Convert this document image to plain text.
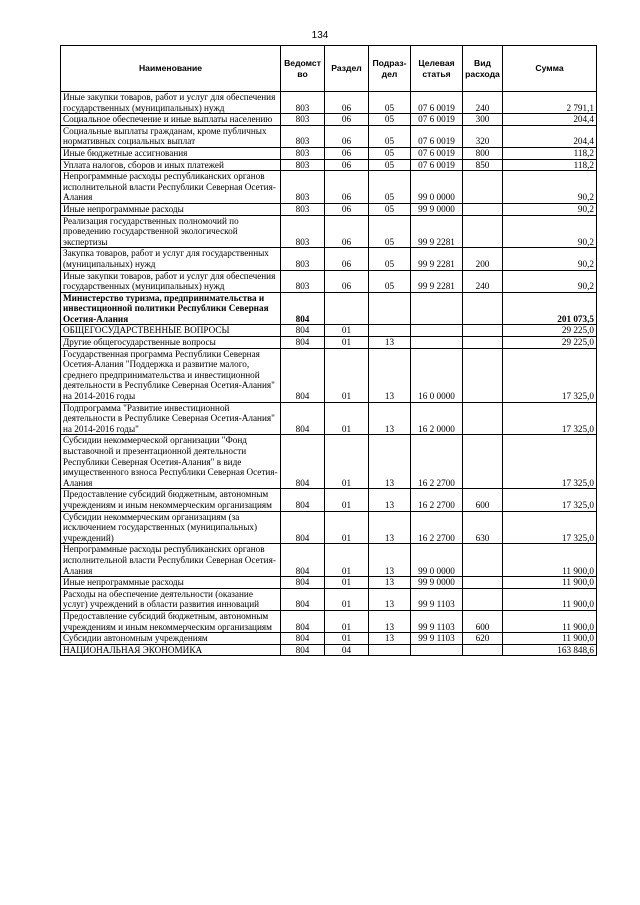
134
Наименование	Ведомст во	Раздел	Подраз- дел	Целевая статья	Вид расхода	Сумма
Иные закупки товаров, работ и услуг для обеспечения государственных (муниципальных) нужд	803	06	05	07 6 0019	240	2 791,1
Социальное обеспечение и иные выплаты населению	803	06	05	07 6 0019	300	204,4
Социальные выплаты гражданам, кроме публичных нормативных социальных выплат	803	06	05	07 6 0019	320	204,4
Иные бюджетные ассигнования	803	06	05	07 6 0019	800	118,2
Уплата налогов, сборов и иных платежей	803	06	05	07 6 0019	850	118,2
Непрограммные расходы республиканских органов исполнительной власти Республики Северная Осетия-Алания	803	06	05	99 0 0000		90,2
Иные непрограммные расходы	803	06	05	99 9 0000		90,2
Реализация государственных полномочий по проведению государственной экологической экспертизы	803	06	05	99 9 2281		90,2
Закупка товаров, работ и услуг для государственных (муниципальных) нужд	803	06	05	99 9 2281	200	90,2
Иные закупки товаров, работ и услуг для обеспечения государственных (муниципальных) нужд	803	06	05	99 9 2281	240	90,2
Министерство туризма, предпринимательства и инвестиционной политики Республики Северная Осетия-Алания	804					201 073,5
ОБЩЕГОСУДАРСТВЕННЫЕ ВОПРОСЫ	804	01				29 225,0
Другие общегосударственные вопросы	804	01	13			29 225,0
Государственная программа Республики Северная Осетия-Алания "Поддержка и развитие малого, среднего предпринимательства и инвестиционной деятельности в Республике Северная Осетия-Алания" на 2014-2016 годы	804	01	13	16 0 0000		17 325,0
Подпрограмма "Развитие инвестиционной деятельности в Республике Северная Осетия-Алания" на 2014-2016 годы"	804	01	13	16 2 0000		17 325,0
Субсидии некоммерческой организации "Фонд выставочной и презентационной деятельности Республики Северная Осетия-Алания" в виде имущественного взноса Республики Северная Осетия-Алания	804	01	13	16 2 2700		17 325,0
Предоставление субсидий бюджетным, автономным учреждениям и иным некоммерческим организациям	804	01	13	16 2 2700	600	17 325,0
Субсидии некоммерческим организациям (за исключением государственных (муниципальных) учреждений)	804	01	13	16 2 2700	630	17 325,0
Непрограммные расходы республиканских органов исполнительной власти Республики Северная Осетия-Алания	804	01	13	99 0 0000		11 900,0
Иные непрограммные расходы	804	01	13	99 9 0000		11 900,0
Расходы на обеспечение деятельности (оказание услуг) учреждений в области развития инноваций	804	01	13	99 9 1103		11 900,0
Предоставление субсидий бюджетным, автономным учреждениям и иным некоммерческим организациям	804	01	13	99 9 1103	600	11 900,0
Субсидии автономным учреждениям	804	01	13	99 9 1103	620	11 900,0
НАЦИОНАЛЬНАЯ ЭКОНОМИКА	804	04				163 848,6
